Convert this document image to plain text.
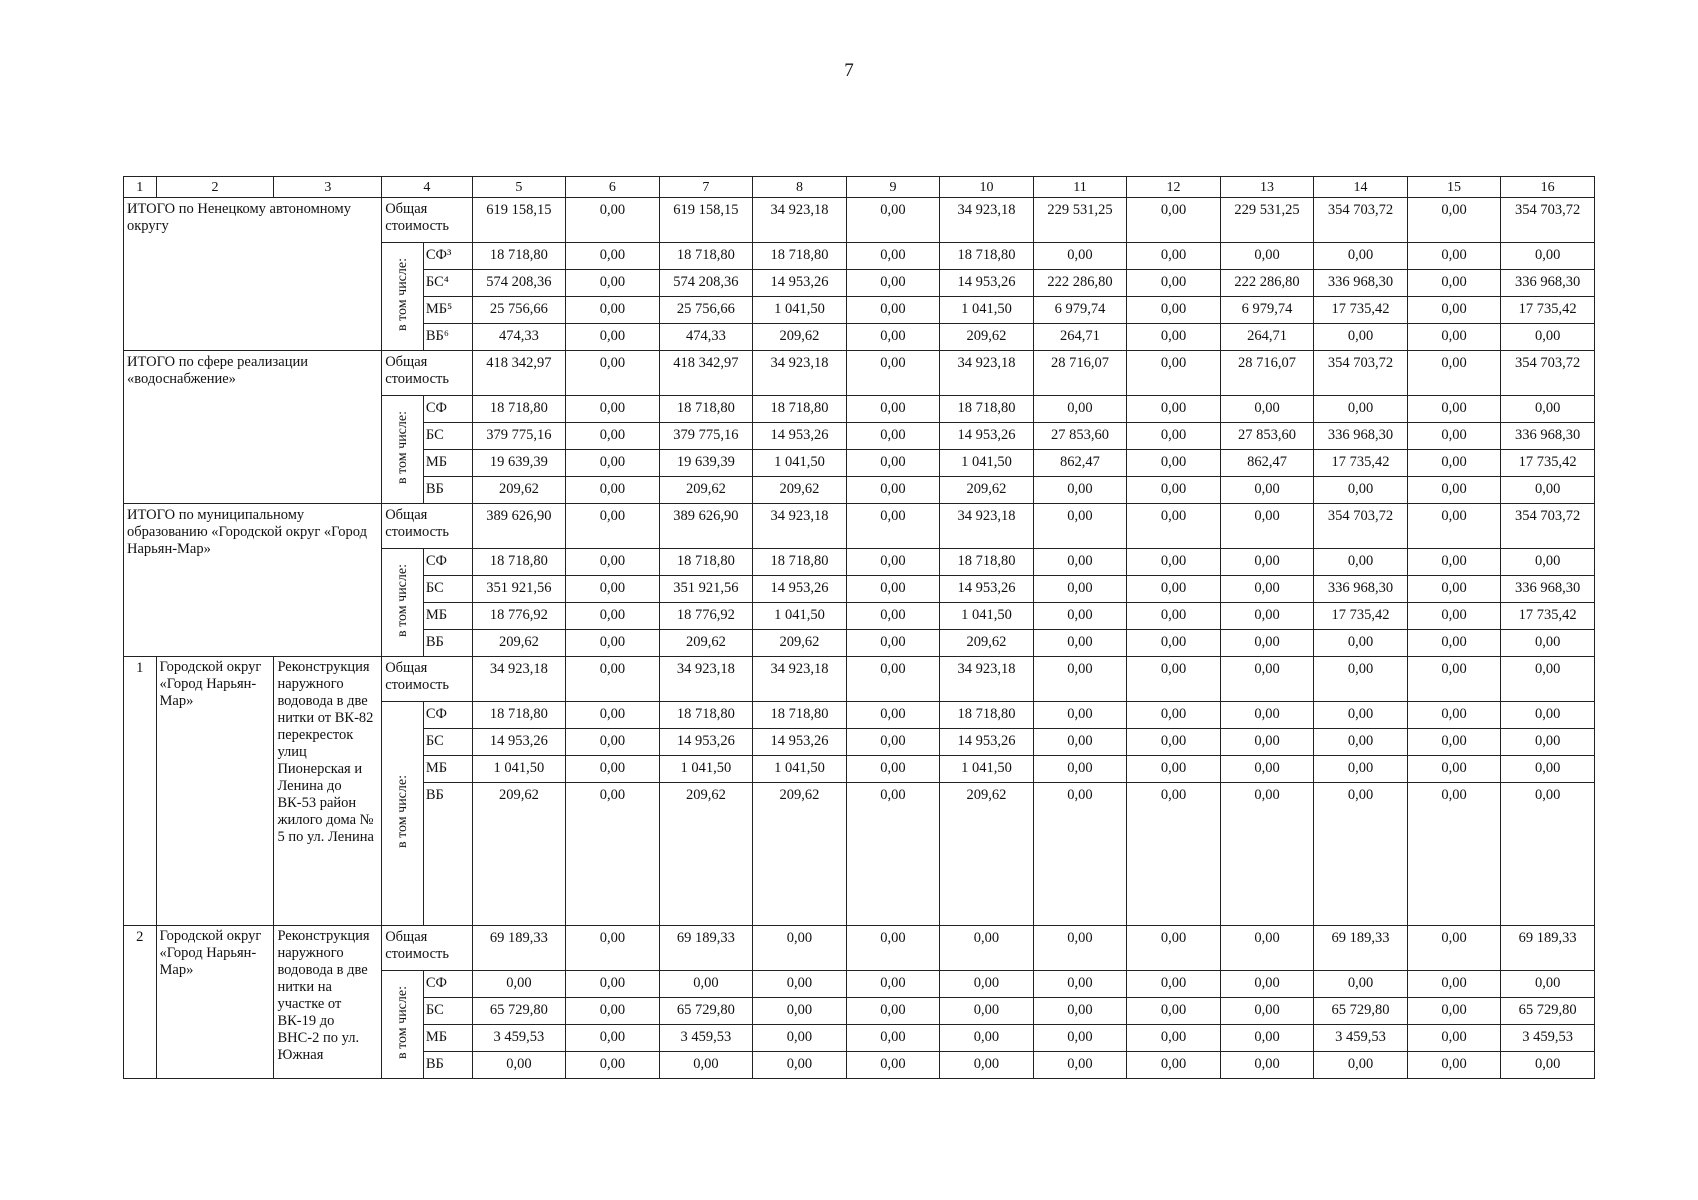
7
1	2	3	4		5	6	7	8	9	10	11	12	13	14	15	16
ИТОГО по Ненецкому автономному округу			Общая стоимость		619 158,15	0,00	619 158,15	34 923,18	0,00	34 923,18	229 531,25	0,00	229 531,25	354 703,72	0,00	354 703,72
			в том числе:	СФ³	18 718,80	0,00	18 718,80	18 718,80	0,00	18 718,80	0,00	0,00	0,00	0,00	0,00	0,00
				БС⁴	574 208,36	0,00	574 208,36	14 953,26	0,00	14 953,26	222 286,80	0,00	222 286,80	336 968,30	0,00	336 968,30
				МБ⁵	25 756,66	0,00	25 756,66	1 041,50	0,00	1 041,50	6 979,74	0,00	6 979,74	17 735,42	0,00	17 735,42
				ВБ⁶	474,33	0,00	474,33	209,62	0,00	209,62	264,71	0,00	264,71	0,00	0,00	0,00
ИТОГО по сфере реализации «водоснабжение»			Общая стоимость		418 342,97	0,00	418 342,97	34 923,18	0,00	34 923,18	28 716,07	0,00	28 716,07	354 703,72	0,00	354 703,72
			в том числе:	СФ	18 718,80	0,00	18 718,80	18 718,80	0,00	18 718,80	0,00	0,00	0,00	0,00	0,00	0,00
				БС	379 775,16	0,00	379 775,16	14 953,26	0,00	14 953,26	27 853,60	0,00	27 853,60	336 968,30	0,00	336 968,30
				МБ	19 639,39	0,00	19 639,39	1 041,50	0,00	1 041,50	862,47	0,00	862,47	17 735,42	0,00	17 735,42
				ВБ	209,62	0,00	209,62	209,62	0,00	209,62	0,00	0,00	0,00	0,00	0,00	0,00
ИТОГО по муниципальному образованию «Городской округ «Город Нарьян-Мар»			Общая стоимость		389 626,90	0,00	389 626,90	34 923,18	0,00	34 923,18	0,00	0,00	0,00	354 703,72	0,00	354 703,72
			в том числе:	СФ	18 718,80	0,00	18 718,80	18 718,80	0,00	18 718,80	0,00	0,00	0,00	0,00	0,00	0,00
				БС	351 921,56	0,00	351 921,56	14 953,26	0,00	14 953,26	0,00	0,00	0,00	336 968,30	0,00	336 968,30
				МБ	18 776,92	0,00	18 776,92	1 041,50	0,00	1 041,50	0,00	0,00	0,00	17 735,42	0,00	17 735,42
				ВБ	209,62	0,00	209,62	209,62	0,00	209,62	0,00	0,00	0,00	0,00	0,00	0,00
1	Городской округ «Город Нарьян-Мар»	Реконструкция наружного водовода в две нитки от ВК-82 перекресток улиц Пионерская и Ленина до ВК-53 район жилого дома № 5 по ул. Ленина	Общая стоимость		34 923,18	0,00	34 923,18	34 923,18	0,00	34 923,18	0,00	0,00	0,00	0,00	0,00	0,00
			в том числе:	СФ	18 718,80	0,00	18 718,80	18 718,80	0,00	18 718,80	0,00	0,00	0,00	0,00	0,00	0,00
				БС	14 953,26	0,00	14 953,26	14 953,26	0,00	14 953,26	0,00	0,00	0,00	0,00	0,00	0,00
				МБ	1 041,50	0,00	1 041,50	1 041,50	0,00	1 041,50	0,00	0,00	0,00	0,00	0,00	0,00
				ВБ	209,62	0,00	209,62	209,62	0,00	209,62	0,00	0,00	0,00	0,00	0,00	0,00
2	Городской округ «Город Нарьян-Мар»	Реконструкция наружного водовода в две нитки на участке от ВК-19 до ВНС-2 по ул. Южная	Общая стоимость		69 189,33	0,00	69 189,33	0,00	0,00	0,00	0,00	0,00	0,00	69 189,33	0,00	69 189,33
			в том числе:	СФ	0,00	0,00	0,00	0,00	0,00	0,00	0,00	0,00	0,00	0,00	0,00	0,00
				БС	65 729,80	0,00	65 729,80	0,00	0,00	0,00	0,00	0,00	0,00	65 729,80	0,00	65 729,80
				МБ	3 459,53	0,00	3 459,53	0,00	0,00	0,00	0,00	0,00	0,00	3 459,53	0,00	3 459,53
				ВБ	0,00	0,00	0,00	0,00	0,00	0,00	0,00	0,00	0,00	0,00	0,00	0,00
